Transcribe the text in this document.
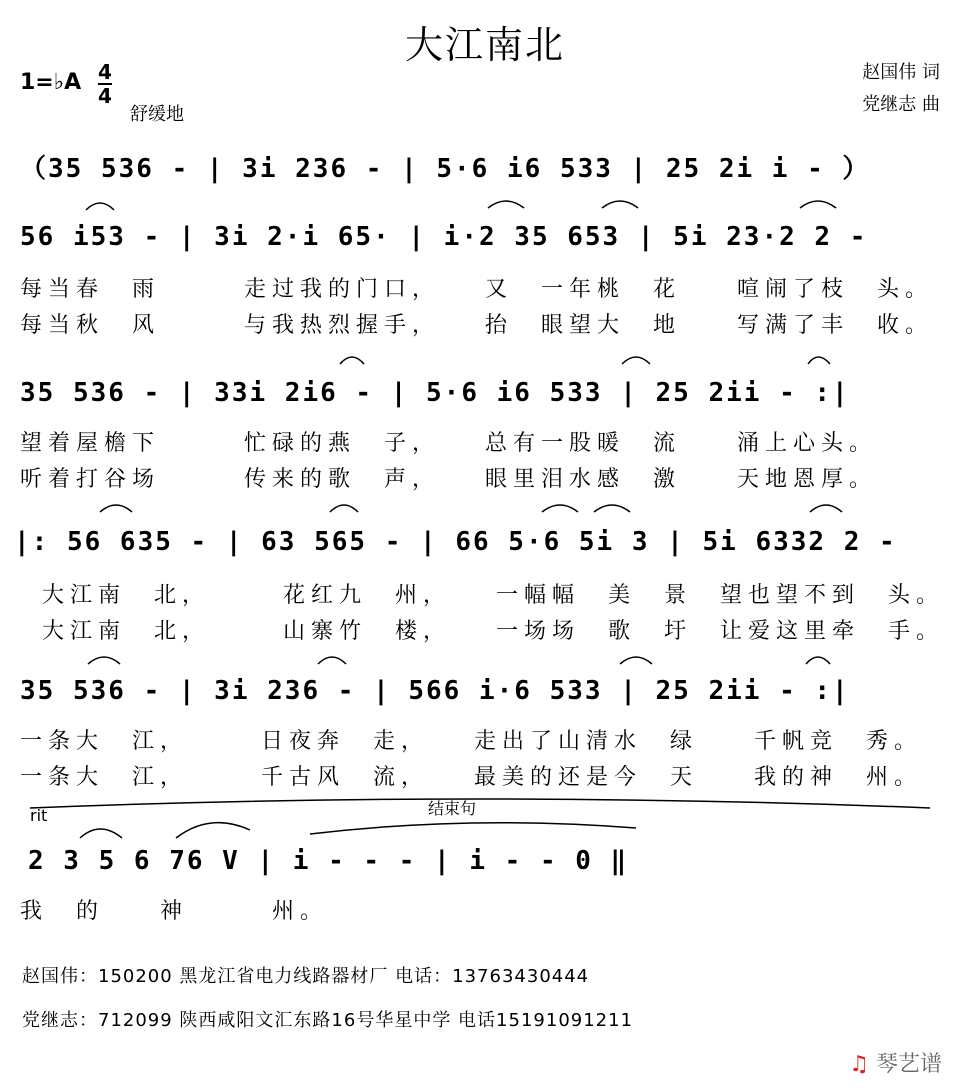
大江南北
赵国伟 词
党继志 曲
1=♭A 4
4
舒缓地
（35 536 - | 3i 236 - | 5·6 i6 533 | 25 2i i - ）
56 i53 - | 3i 2·i 65· | i·2 35 653 | 5i 23·2 2 -
每当春　雨　　　走过我的门口，　　又　一年桃　花　　喧闹了枝　头。
每当秋　风　　　与我热烈握手，　　抬　眼望大　地　　写满了丰　收。
35 536 - | 33i 2i6 - | 5·6 i6 533 | 25 2ii - :|
望着屋檐下　　　忙碌的燕　子，　　总有一股暖　流　　涌上心头。
听着打谷场　　　传来的歌　声，　　眼里泪水感　激　　天地恩厚。
|: 56 635 - | 63 565 - | 66 5·6 5i 3 | 5i 6332 2 -
大江南　北，　　　花红九　州，　　一幅幅　美　景　望也望不到　头。
大江南　北，　　　山寨竹　楼，　　一场场　歌　圩　让爱这里牵　手。
35 536 - | 3i 236 - | 566 i·6 533 | 25 2ii - :|
一条大　江，　　　日夜奔　走，　　走出了山清水　绿　　千帆竞　秀。
一条大　江，　　　千古风　流，　　最美的还是今　天　　我的神　州。
rit	结束句
2 3 5 6 76 V | i - - - | i - - 0 ‖
我　的　　神　　　州。
赵国伟：150200 黑龙江省电力线路器材厂 电话：13763430444
党继志：712099 陕西咸阳文汇东路16号华星中学 电话15191091211
♫ 琴艺谱
